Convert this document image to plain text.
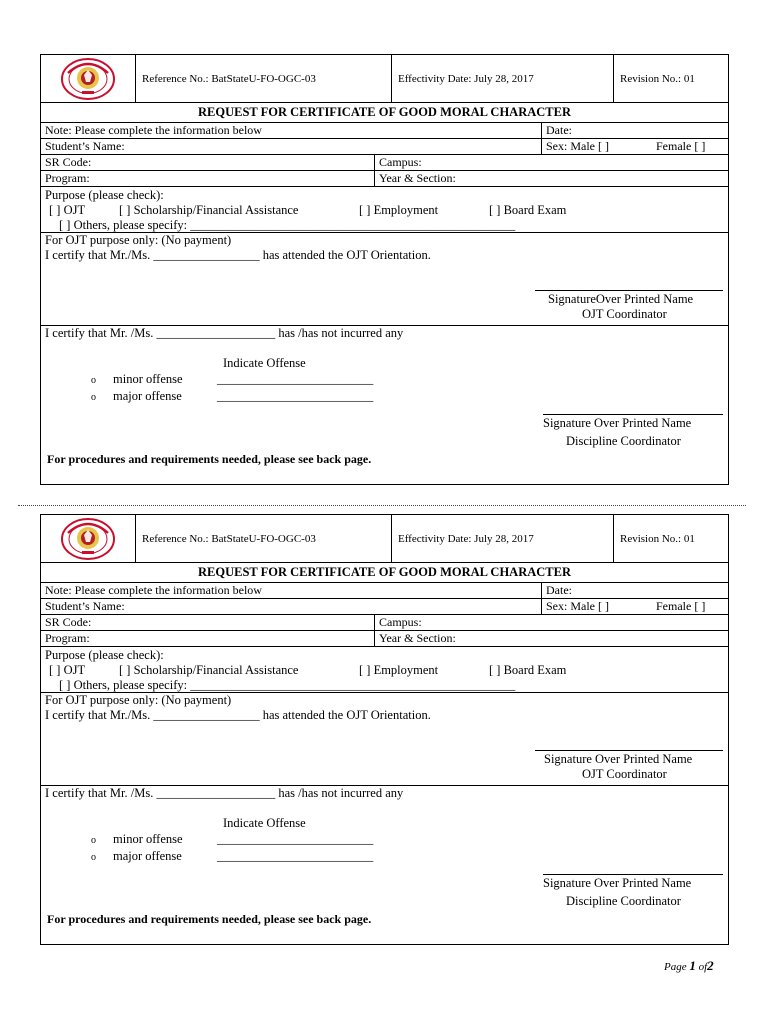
Reference No.: BatStateU-FO-OGC-03	Effectivity Date: July 28, 2017	Revision No.: 01
REQUEST FOR CERTIFICATE OF GOOD MORAL CHARACTER
Note: Please complete the information below	Date:
Student’s Name:	Sex: Male [ ]	Female [ ]
SR Code:	Campus:
Program:	Year & Section:
Purpose (please check):
[ ] OJT	[ ] Scholarship/Financial Assistance	[ ] Employment	[ ] Board Exam
[ ] Others, please specify: ____________________________________________________
For OJT purpose only: (No payment)
I certify that Mr./Ms. _________________ has attended the OJT Orientation.
SignatureOver Printed Name
OJT Coordinator
I certify that Mr. /Ms. ___________________ has /has not incurred any
Indicate Offense
o minor offense	_________________________
o major offense	_________________________
Signature Over Printed Name
Discipline Coordinator
For procedures and requirements needed, please see back page.
Reference No.: BatStateU-FO-OGC-03	Effectivity Date: July 28, 2017	Revision No.: 01
REQUEST FOR CERTIFICATE OF GOOD MORAL CHARACTER
Note: Please complete the information below	Date:
Student’s Name:	Sex: Male [ ]	Female [ ]
SR Code:	Campus:
Program:	Year & Section:
Purpose (please check):
[ ] OJT	[ ] Scholarship/Financial Assistance	[ ] Employment	[ ] Board Exam
[ ] Others, please specify: ____________________________________________________
For OJT purpose only: (No payment)
I certify that Mr./Ms. _________________ has attended the OJT Orientation.
Signature Over Printed Name
OJT Coordinator
I certify that Mr. /Ms. ___________________ has /has not incurred any
Indicate Offense
o minor offense	_________________________
o major offense	_________________________
Signature Over Printed Name
Discipline Coordinator
For procedures and requirements needed, please see back page.
Page 1 of2
